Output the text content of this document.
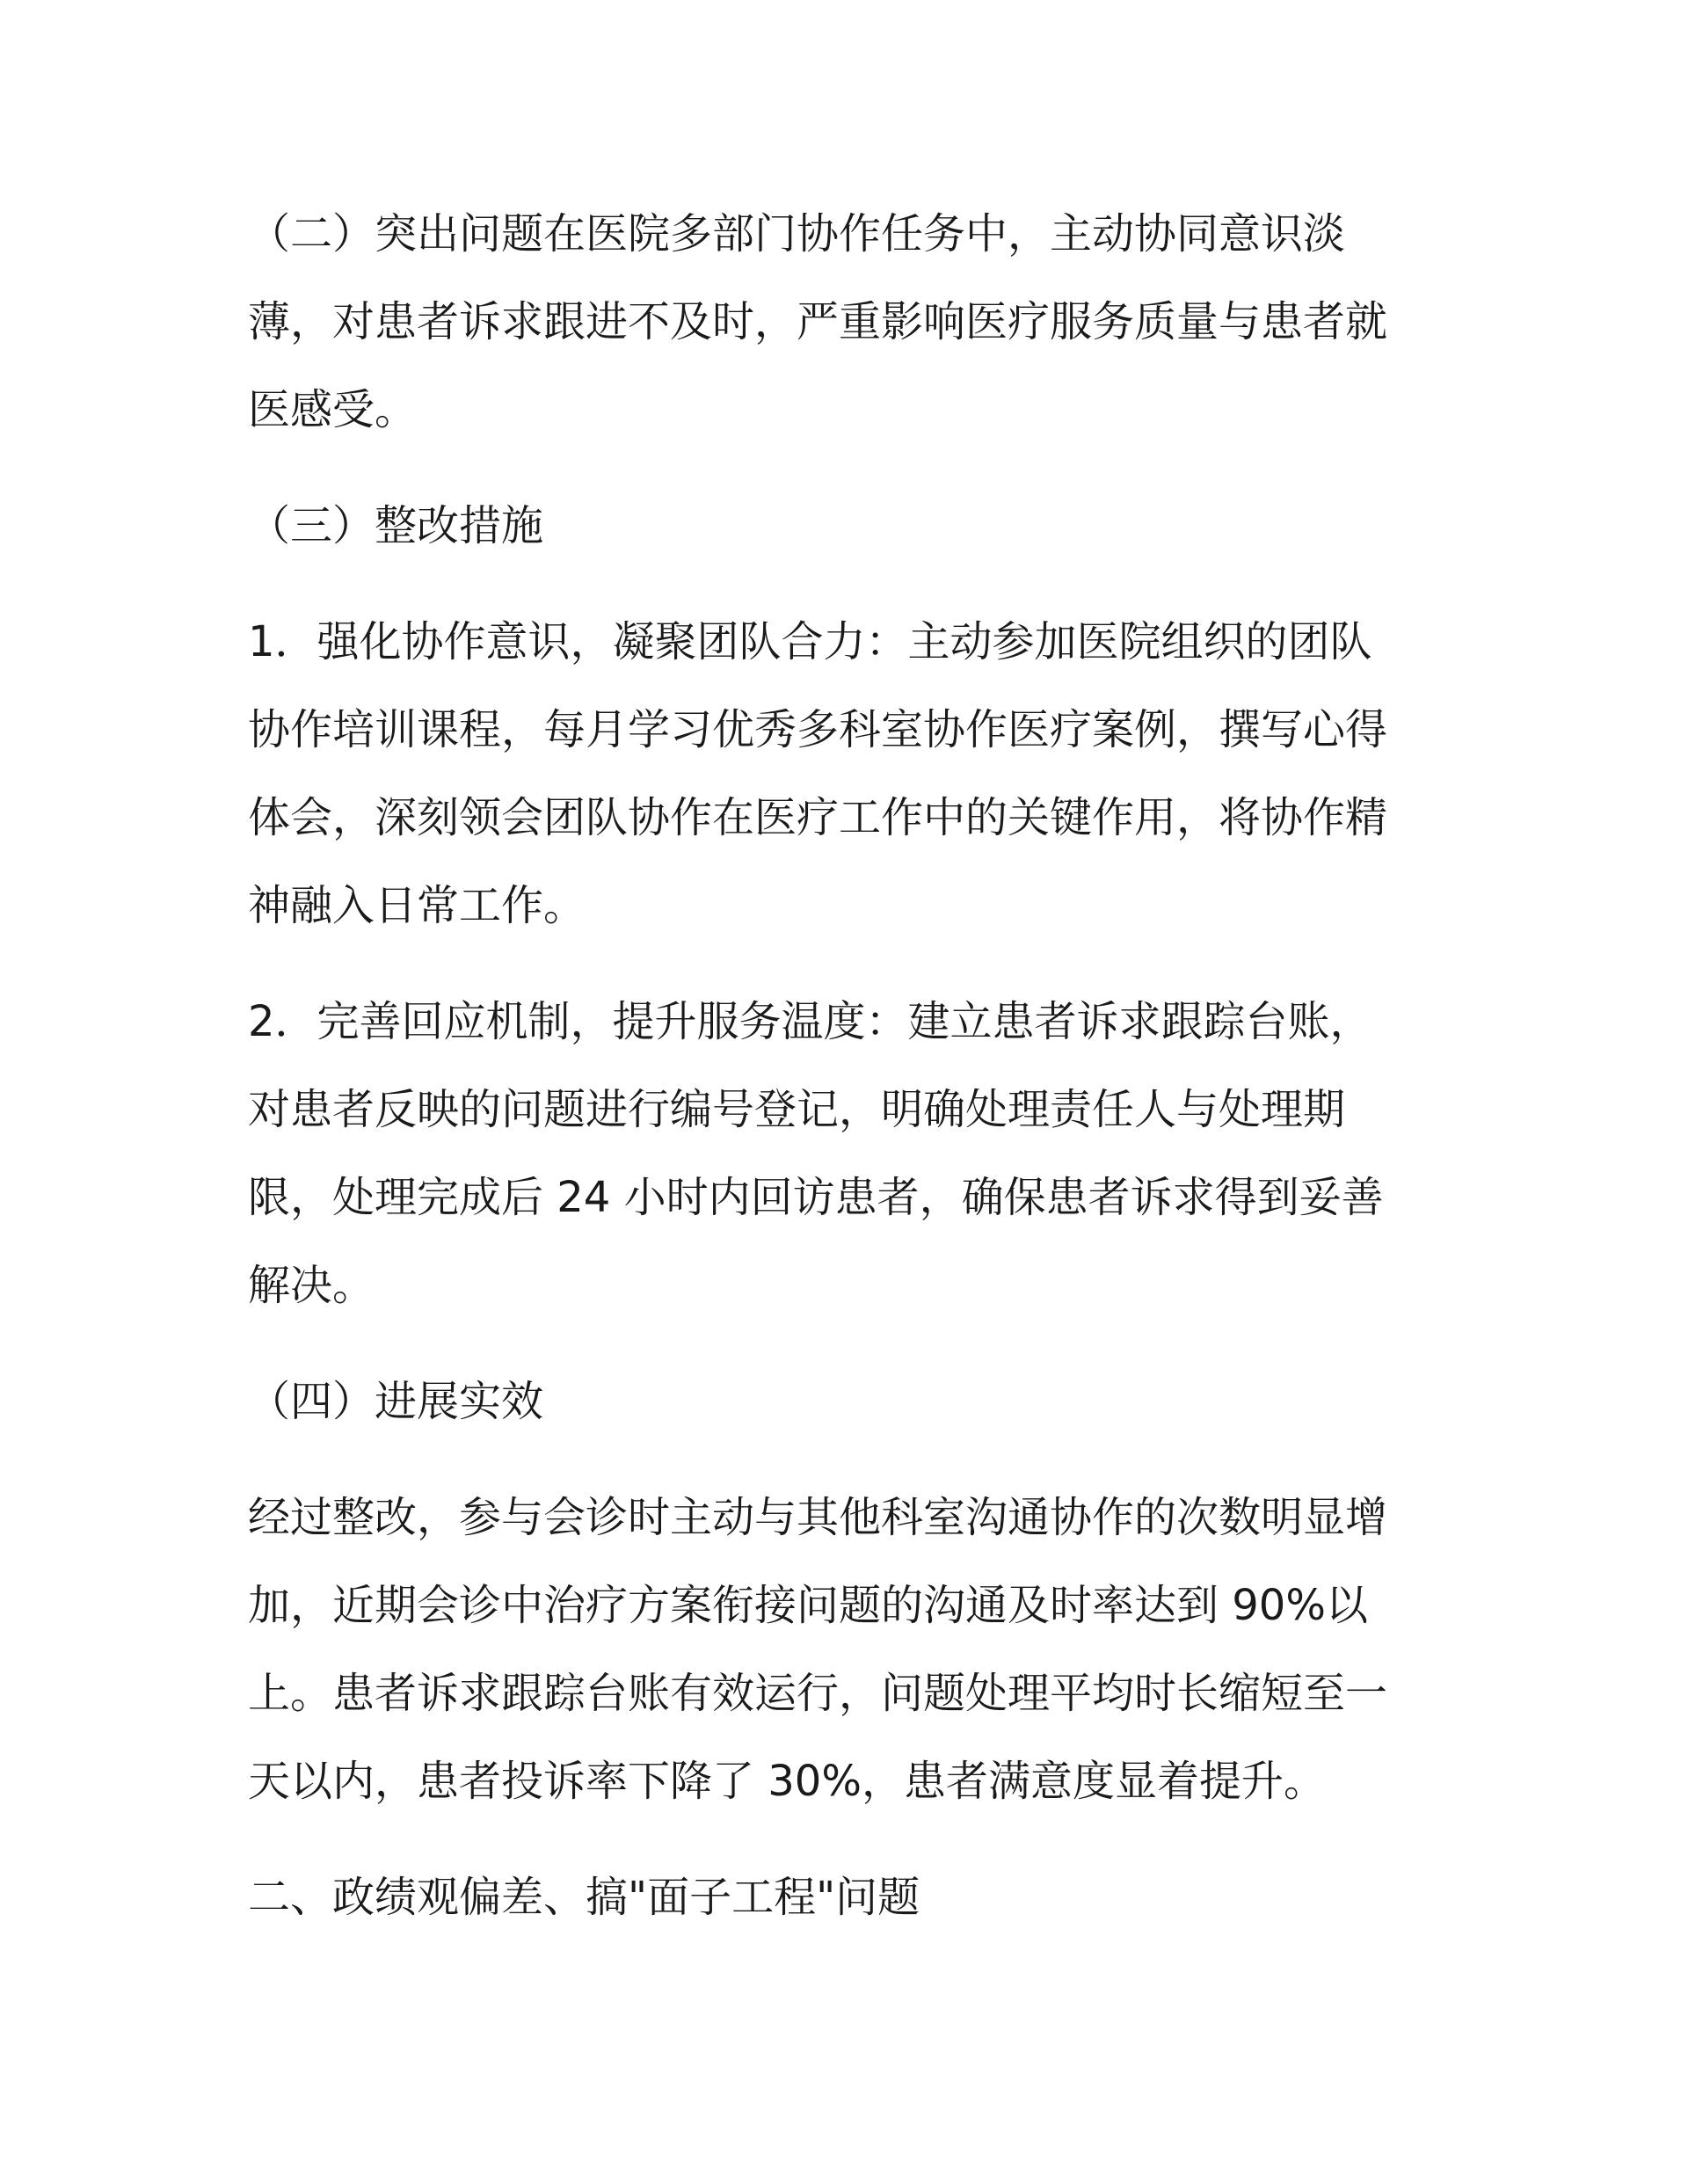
（二）突出问题在医院多部门协作任务中，主动协同意识淡
薄，对患者诉求跟进不及时，严重影响医疗服务质量与患者就
医感受。
（三）整改措施
1．强化协作意识，凝聚团队合力：主动参加医院组织的团队
协作培训课程，每月学习优秀多科室协作医疗案例，撰写心得
体会，深刻领会团队协作在医疗工作中的关键作用，将协作精
神融入日常工作。
2．完善回应机制，提升服务温度：建立患者诉求跟踪台账，
对患者反映的问题进行编号登记，明确处理责任人与处理期
限，处理完成后 24 小时内回访患者，确保患者诉求得到妥善
解决。
（四）进展实效
经过整改，参与会诊时主动与其他科室沟通协作的次数明显增
加，近期会诊中治疗方案衔接问题的沟通及时率达到 90%以
上。患者诉求跟踪台账有效运行，问题处理平均时长缩短至一
天以内，患者投诉率下降了 30%，患者满意度显着提升。
二、政绩观偏差、搞"面子工程"问题
